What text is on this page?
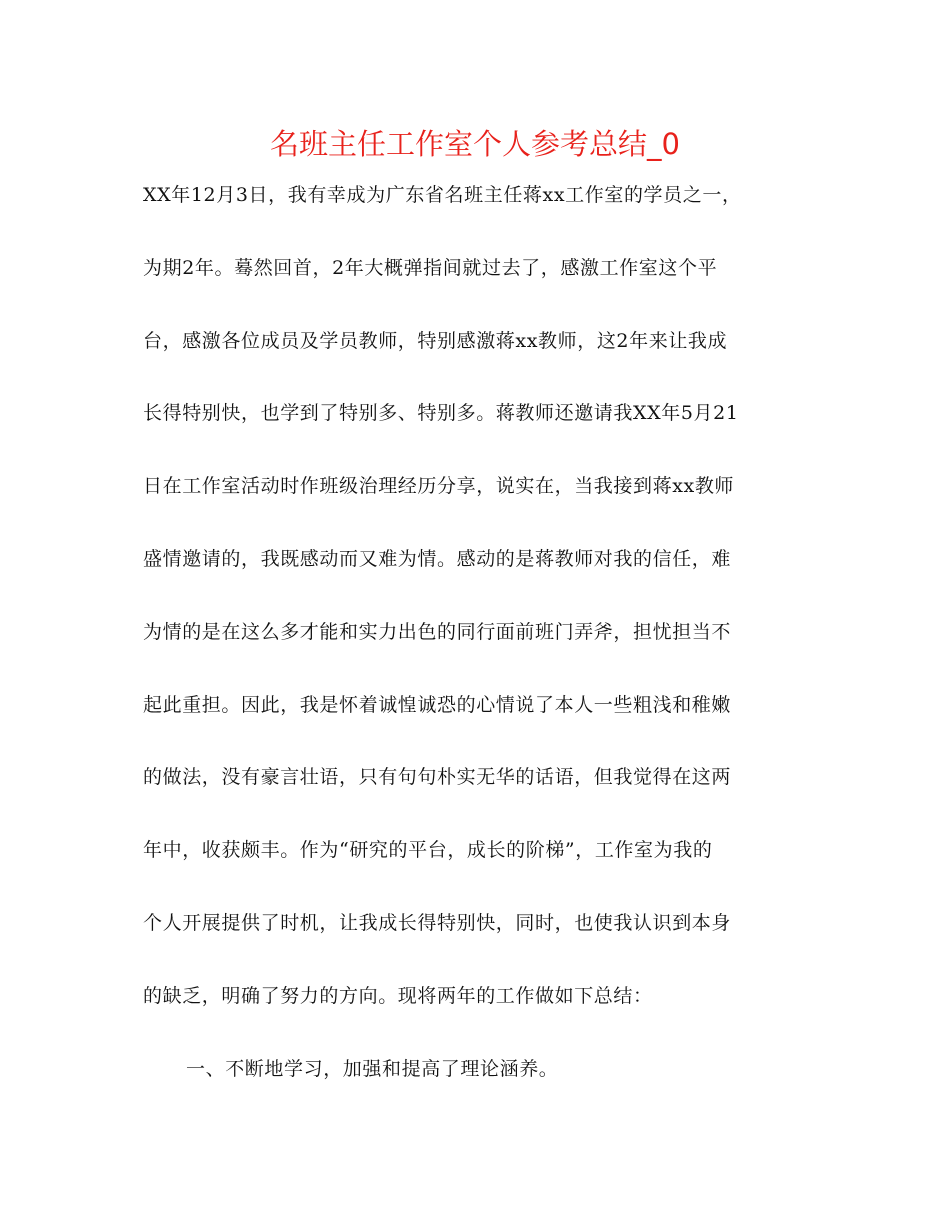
名班主任工作室个人参考总结_0
XX年12月3日，我有幸成为广东省名班主任蒋xx工作室的学员之一，
为期2年。蓦然回首，2年大概弹指间就过去了，感激工作室这个平
台，感激各位成员及学员教师，特别感激蒋xx教师，这2年来让我成
长得特别快，也学到了特别多、特别多。蒋教师还邀请我XX年5月21
日在工作室活动时作班级治理经历分享，说实在，当我接到蒋xx教师
盛情邀请的，我既感动而又难为情。感动的是蒋教师对我的信任，难
为情的是在这么多才能和实力出色的同行面前班门弄斧，担忧担当不
起此重担。因此，我是怀着诚惶诚恐的心情说了本人一些粗浅和稚嫩
的做法，没有豪言壮语，只有句句朴实无华的话语，但我觉得在这两
年中，收获颇丰。作为“研究的平台，成长的阶梯”，工作室为我的
个人开展提供了时机，让我成长得特别快，同时，也使我认识到本身
的缺乏，明确了努力的方向。现将两年的工作做如下总结：
一、不断地学习，加强和提高了理论涵养。
